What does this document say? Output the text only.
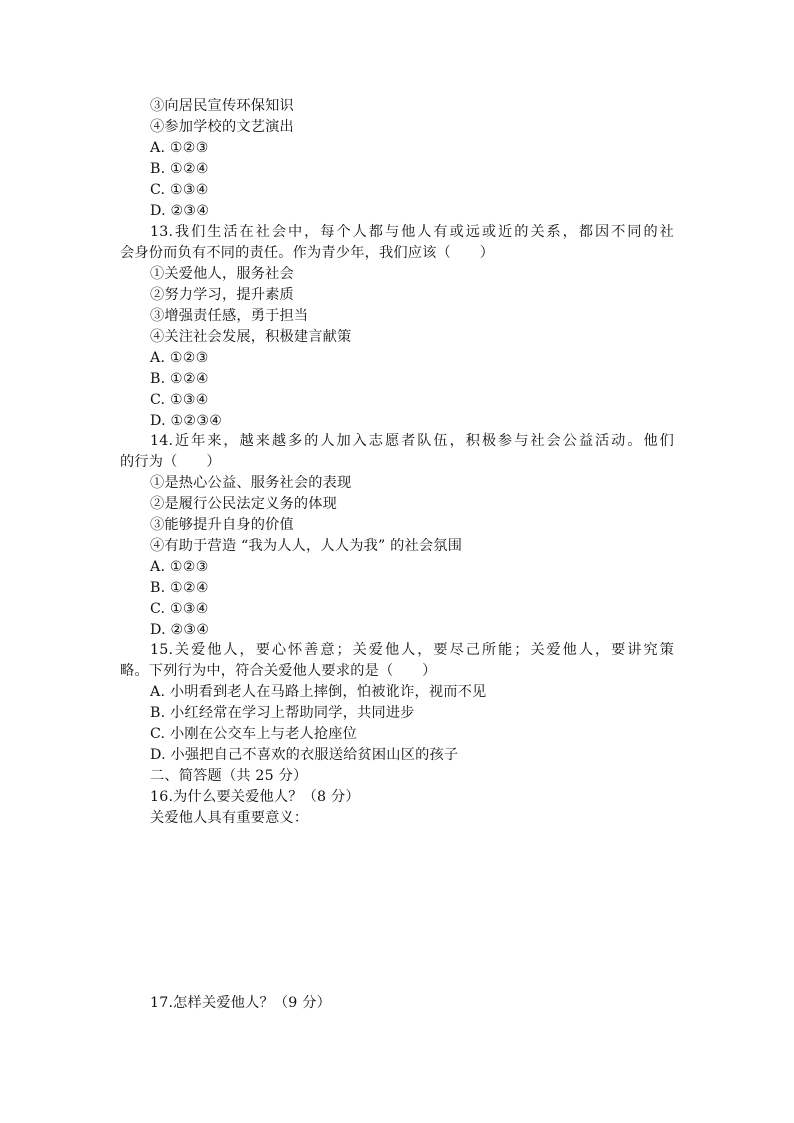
③向居民宣传环保知识
④参加学校的文艺演出
A. ①②③
B. ①②④
C. ①③④
D. ②③④
13.我们生活在社会中，每个人都与他人有或远或近的关系，都因不同的社
会身份而负有不同的责任。作为青少年，我们应该（　　）
①关爱他人，服务社会
②努力学习，提升素质
③增强责任感，勇于担当
④关注社会发展，积极建言献策
A. ①②③
B. ①②④
C. ①③④
D. ①②③④
14.近年来，越来越多的人加入志愿者队伍，积极参与社会公益活动。他们
的行为（　　）
①是热心公益、服务社会的表现
②是履行公民法定义务的体现
③能够提升自身的价值
④有助于营造 “我为人人，人人为我” 的社会氛围
A. ①②③
B. ①②④
C. ①③④
D. ②③④
15.关爱他人，要心怀善意；关爱他人，要尽己所能；关爱他人，要讲究策
略。下列行为中，符合关爱他人要求的是（　　）
A. 小明看到老人在马路上摔倒，怕被讹诈，视而不见
B. 小红经常在学习上帮助同学，共同进步
C. 小刚在公交车上与老人抢座位
D. 小强把自己不喜欢的衣服送给贫困山区的孩子
二、简答题（共 25 分）
16.为什么要关爱他人？（8 分）
关爱他人具有重要意义：
17.怎样关爱他人？（9 分）
